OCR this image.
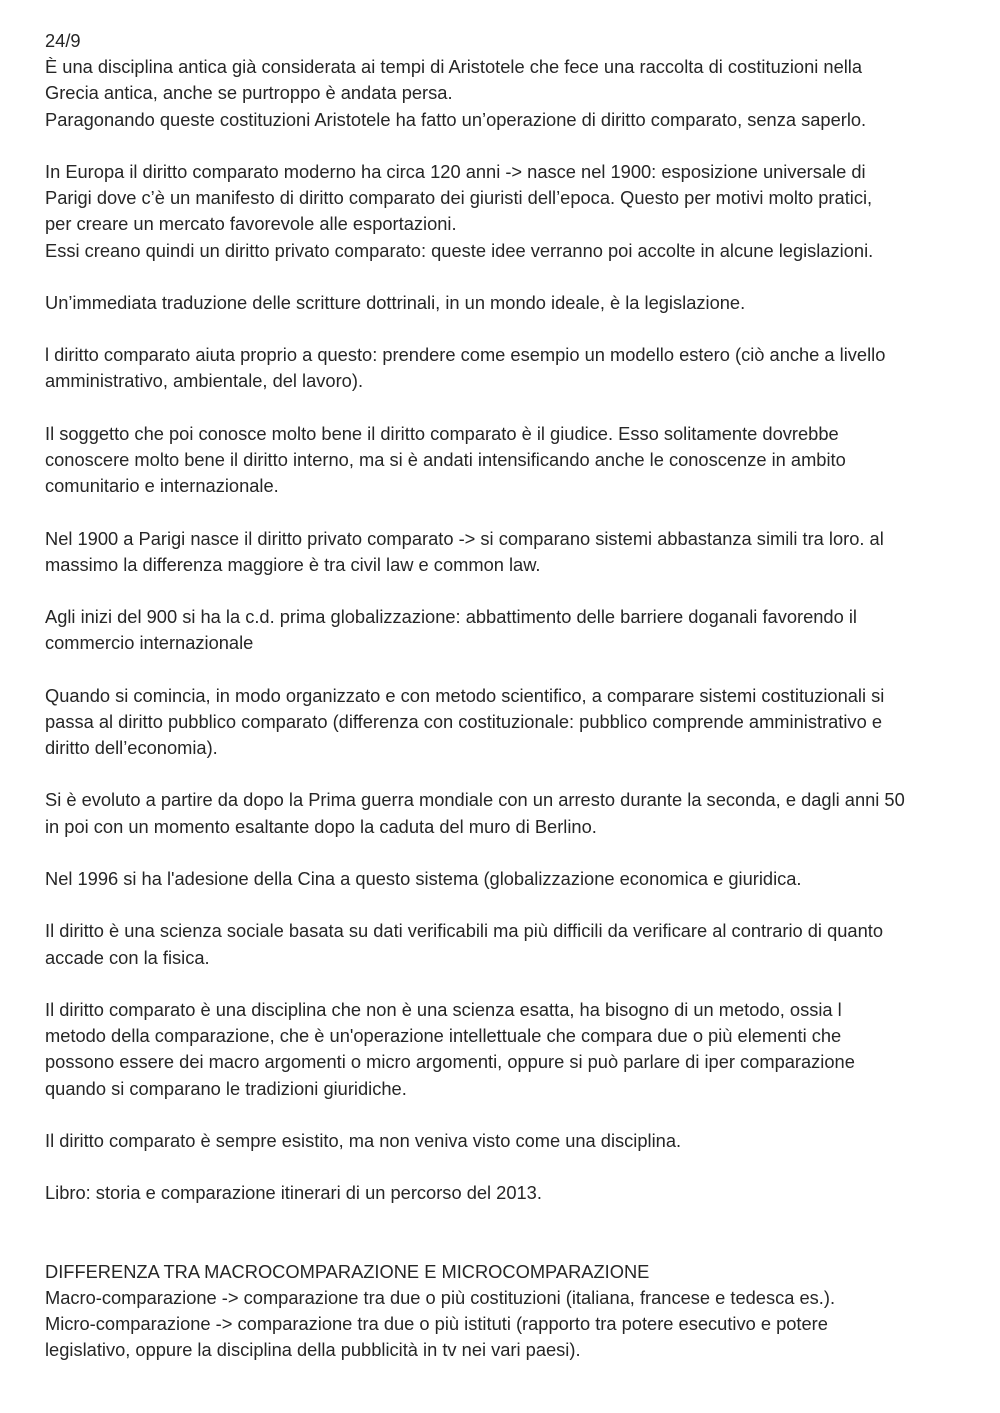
24/9
È una disciplina antica già considerata ai tempi di Aristotele che fece una raccolta di costituzioni nella
Grecia antica, anche se purtroppo è andata persa.
Paragonando queste costituzioni Aristotele ha fatto un’operazione di diritto comparato, senza saperlo.
In Europa il diritto comparato moderno ha circa 120 anni -> nasce nel 1900: esposizione universale di
Parigi dove c’è un manifesto di diritto comparato dei giuristi dell’epoca. Questo per motivi molto pratici,
per creare un mercato favorevole alle esportazioni.
Essi creano quindi un diritto privato comparato: queste idee verranno poi accolte in alcune legislazioni.
Un’immediata traduzione delle scritture dottrinali, in un mondo ideale, è la legislazione.
l diritto comparato aiuta proprio a questo: prendere come esempio un modello estero (ciò anche a livello
amministrativo, ambientale, del lavoro).
Il soggetto che poi conosce molto bene il diritto comparato è il giudice. Esso solitamente dovrebbe
conoscere molto bene il diritto interno, ma si è andati intensificando anche le conoscenze in ambito
comunitario e internazionale.
Nel 1900 a Parigi nasce il diritto privato comparato -> si comparano sistemi abbastanza simili tra loro. al
massimo la differenza maggiore è tra civil law e common law.
Agli inizi del 900 si ha la c.d. prima globalizzazione: abbattimento delle barriere doganali favorendo il
commercio internazionale
Quando si comincia, in modo organizzato e con metodo scientifico, a comparare sistemi costituzionali si
passa al diritto pubblico comparato (differenza con costituzionale: pubblico comprende amministrativo e
diritto dell’economia).
Si è evoluto a partire da dopo la Prima guerra mondiale con un arresto durante la seconda, e dagli anni 50
in poi con un momento esaltante dopo la caduta del muro di Berlino.
Nel 1996 si ha l'adesione della Cina a questo sistema (globalizzazione economica e giuridica.
Il diritto è una scienza sociale basata su dati verificabili ma più difficili da verificare al contrario di quanto
accade con la fisica.
Il diritto comparato è una disciplina che non è una scienza esatta, ha bisogno di un metodo, ossia l
metodo della comparazione, che è un'operazione intellettuale che compara due o più elementi che
possono essere dei macro argomenti o micro argomenti, oppure si può parlare di iper comparazione
quando si comparano le tradizioni giuridiche.
Il diritto comparato è sempre esistito, ma non veniva visto come una disciplina.
Libro: storia e comparazione itinerari di un percorso del 2013.
DIFFERENZA TRA MACROCOMPARAZIONE E MICROCOMPARAZIONE
Macro-comparazione -> comparazione tra due o più costituzioni (italiana, francese e tedesca es.).
Micro-comparazione -> comparazione tra due o più istituti (rapporto tra potere esecutivo e potere
legislativo, oppure la disciplina della pubblicità in tv nei vari paesi).
